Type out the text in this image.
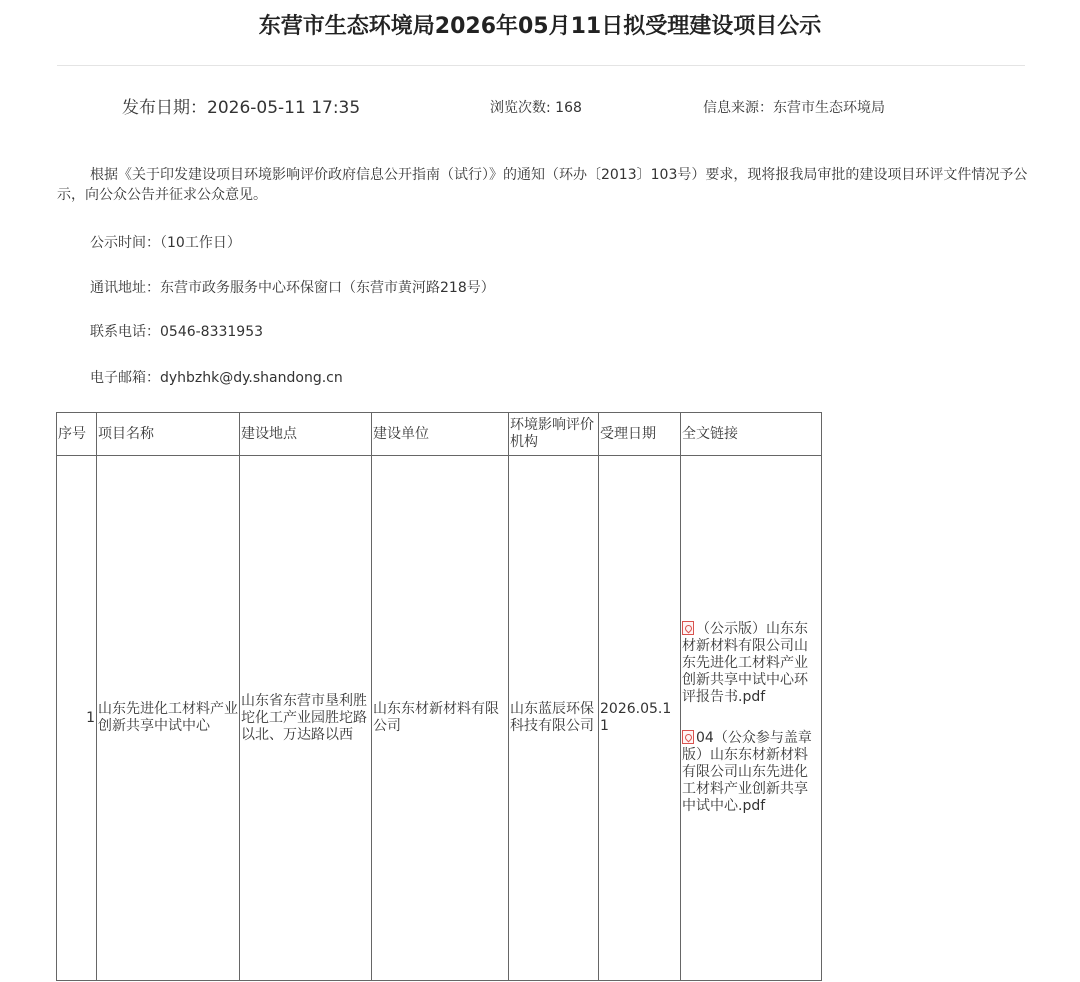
东营市生态环境局2026年05月11日拟受理建设项目公示
发布日期：2026-05-11 17:35	浏览次数: 168	信息来源：东营市生态环境局

根据《关于印发建设项目环境影响评价政府信息公开指南（试行）》的通知（环办〔2013〕103号）要求，现将报我局审批的建设项目环评文件情况予公示，向公众公告并征求公众意见。

公示时间：（10工作日）
通讯地址：东营市政务服务中心环保窗口（东营市黄河路218号）
联系电话：0546-8331953
电子邮箱：dyhbzhk@dy.shandong.cn
序号	项目名称	建设地点	建设单位	环境影响评价机构	受理日期	全文链接
1	山东先进化工材料产业创新共享中试中心	山东省东营市垦利胜坨化工产业园胜坨路以北、万达路以西	山东东材新材料有限公司	山东蓝辰环保科技有限公司	2026.05.11	（公示版）山东东材新材料有限公司山东先进化工材料产业创新共享中试中心环评报告书.pdf
04（公众参与盖章版）山东东材新材料有限公司山东先进化工材料产业创新共享中试中心.pdf
